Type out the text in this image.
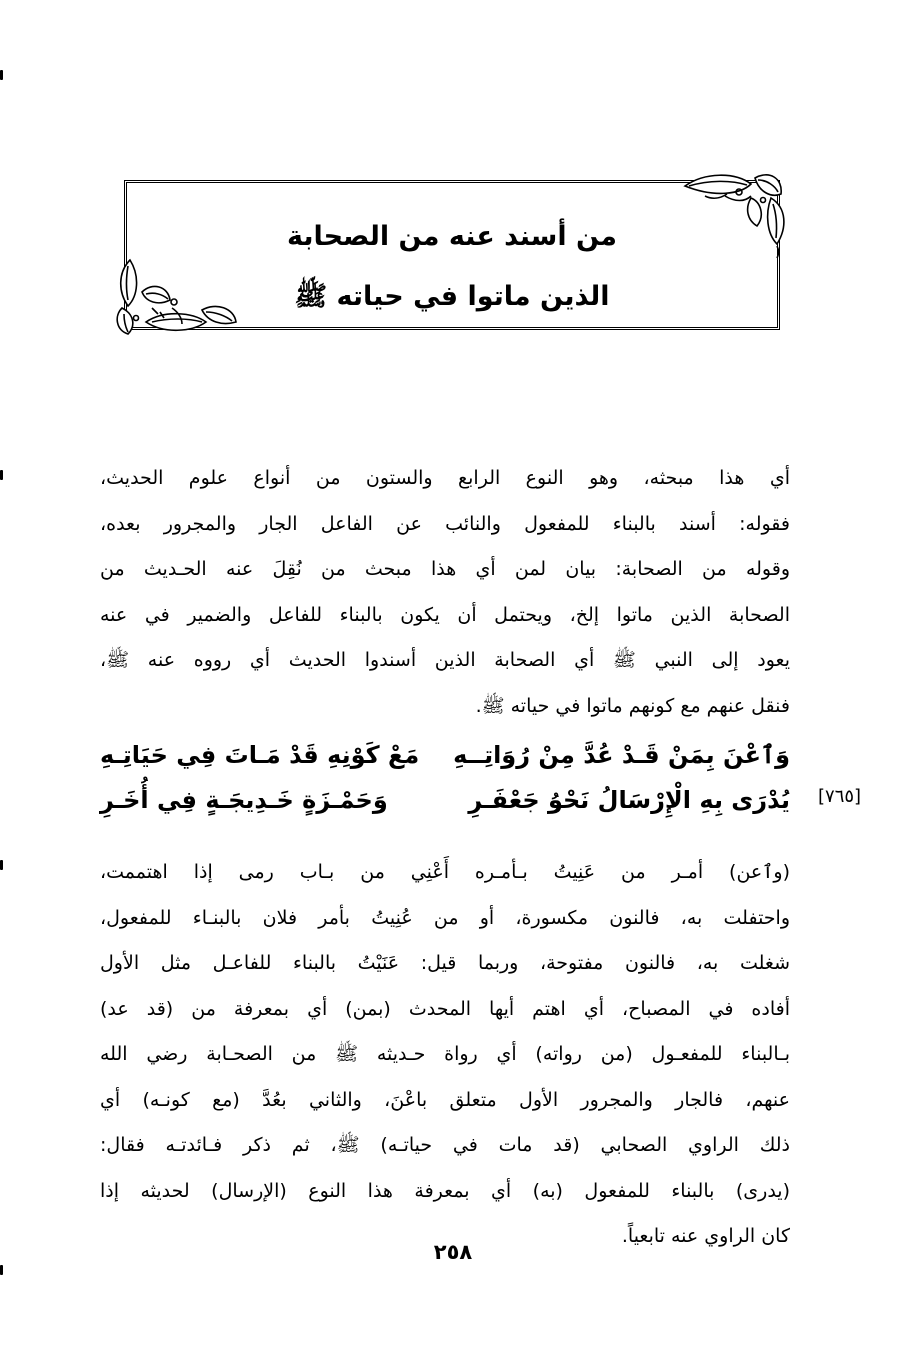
من أسند عنه من الصحابة
الذين ماتوا في حياته ﷺ
أي هذا مبحثه، وهو النوع الرابع والستون من أنواع علوم الحديث،
فقوله: أسند بالبناء للمفعول والنائب عن الفاعل الجار والمجرور بعده،
وقوله من الصحابة: بيان لمن أي هذا مبحث من نُقِلَ عنه الحـديث من
الصحابة الذين ماتوا إلخ، ويحتمل أن يكون بالبناء للفاعل والضمير في عنه
يعود إلى النبي ﷺ أي الصحابة الذين أسندوا الحديث أي رووه عنه ﷺ،
فنقل عنهم مع كونهم ماتوا في حياته ﷺ.
وَٱعْنَ بِمَنْ قَـدْ عُدَّ مِنْ رُوَاتِــهِ
مَعْ كَوْنِهِ قَدْ مَـاتَ فِي حَيَاتِـهِ
يُدْرَى بِهِ الْإِرْسَالُ نَحْوُ جَعْفَـرِ
وَحَمْـزَةٍ خَـدِيجَـةٍ فِي أُخَـرِ	[٧٦٥]
(وٱعن) أمـر من عَنِيتُ بـأمـره أَعْنِي من بـاب رمى إذا اهتممت،
واحتفلت به، فالنون مكسورة، أو من عُنِيتُ بأمر فلان بالبنـاء للمفعول،
شغلت به، فالنون مفتوحة، وربما قيل: عَنَيْتُ بالبناء للفاعـل مثل الأول
أفاده في المصباح، أي اهتم أيها المحدث (بمن) أي بمعرفة من (قد عد)
بـالبناء للمفعـول (من رواته) أي رواة حـديثه ﷺ من الصحـابة رضي الله
عنهم، فالجار والمجرور الأول متعلق باعْنَ، والثاني بعُدَّ (مع كونـه) أي
ذلك الراوي الصحابي (قد مات في حياتـه) ﷺ، ثم ذكر فـائدتـه فقال:
(يدرى) بالبناء للمفعول (به) أي بمعرفة هذا النوع (الإرسال) لحديثه إذا
كان الراوي عنه تابعياً.
٢٥٨
